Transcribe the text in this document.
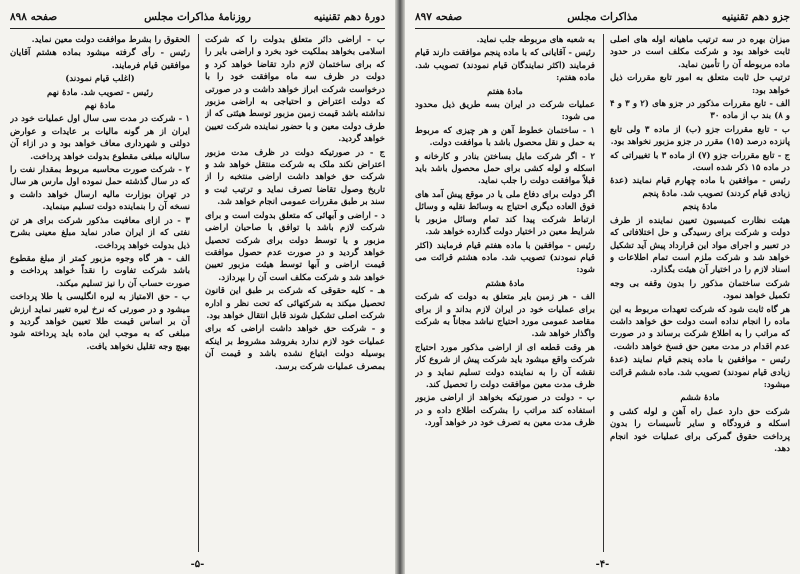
دورهٔ دهم تقنینیه
روزنامهٔ مذاکرات مجلس
صفحه ۸۹۸

ب - اراضی دائر متعلق بدولت را که شرکت اسلامی بخواهد بملکیت خود بخرد و اراضی بایر را که برای ساختمان لازم دارد تقاضا خواهد کرد و دولت در ظرف سه ماه موافقت خود را با درخواست شرکت ابراز خواهد داشت و در صورتی که دولت اعتراض و احتیاجی به اراضی مزبور نداشته باشد قیمت زمین مزبور توسط هیئتی که از طرف دولت معین و با حضور نماینده شرکت تعیین خواهد گردید.

ج - در صورتیکه دولت در ظرف مدت مزبور اعتراض نکند ملک به شرکت منتقل خواهد شد و شرکت حق خواهد داشت اراضی منتخبه را از تاریخ وصول تقاضا تصرف نماید و ترتیب ثبت و سند بر طبق مقررات عمومی انجام خواهد شد.

د - اراضی و آبهائی که متعلق بدولت است و برای شرکت لازم باشد با توافق با صاحبان اراضی مزبور و یا توسط دولت برای شرکت تحصیل خواهد گردید و در صورت عدم حصول موافقت قیمت اراضی و آبها توسط هیئت مزبور تعیین خواهد شد و شرکت مکلف است آن را بپردازد.

هـ - کلیه حقوقی که شرکت بر طبق این قانون تحصیل میکند به شرکتهائی که تحت نظر و اداره شرکت اصلی تشکیل شوند قابل انتقال خواهد بود.

و - شرکت حق خواهد داشت اراضی که برای عملیات خود لازم ندارد بفروشد مشروط بر اینکه بوسیله دولت ابتیاع نشده باشد و قیمت آن بمصرف عملیات شرکت برسد.

الحقوق را بشرط موافقت دولت معین نماید.

رئیس - رأی گرفته میشود بماده هشتم آقایان موافقین قیام فرمایند.

(اغلب قیام نمودند)

رئیس - تصویب شد. مادهٔ نهم

مادهٔ نهم

۱ - شرکت در مدت سی سال اول عملیات خود در ایران از هر گونه مالیات بر عایدات و عوارض دولتی و شهرداری معاف خواهد بود و در ازاء آن سالیانه مبلغی مقطوع بدولت خواهد پرداخت.

۲ - شرکت صورت محاسبه مربوط بمقدار نفت را که در سال گذشته حمل نموده اول مارس هر سال در تهران بوزارت مالیه ارسال خواهد داشت و نسخه آن را بنماینده دولت تسلیم مینماید.

۳ - در ازای معافیت مذکور شرکت برای هر تن نفتی که از ایران صادر نماید مبلغ معینی بشرح ذیل بدولت خواهد پرداخت.

الف - هر گاه وجوه مزبور کمتر از مبلغ مقطوع باشد شرکت تفاوت را نقداً خواهد پرداخت و صورت حساب آن را نیز تسلیم میکند.

ب - حق الامتیاز به لیره انگلیسی یا طلا پرداخت میشود و در صورتی که نرخ لیره تغییر نماید ارزش آن بر اساس قیمت طلا تعیین خواهد گردید و مبلغی که به موجب این ماده باید پرداخته شود بهیچ وجه تقلیل نخواهد یافت.

-۵-
جزو دهم تقنینیه
مذاکرات مجلس
صفحه ۸۹۷

میزان بهره در سه ترتیب ماهیانه اوله های اصلی ثابت خواهد بود و شرکت مکلف است در حدود ماده مربوطه آن را تأمین نماید.

ترتیب حل ثابت متعلق به امور تابع مقررات ذیل خواهد بود:

الف - تابع مقررات مذکور در جزو های (۲ و ۳ و ۴ و ۸) بند ب از ماده ۳۰

ب - تابع مقررات جزو (ب) از ماده ۳ ولی تابع پانزده درصد (۱۵) مقرر در جزو مزبور نخواهد بود.

ج - تابع مقررات جزو (۷) از ماده ۳ با تغییراتی که در ماده ۱۵ ذکر شده است.

رئیس - موافقین با ماده چهارم قیام نمایند (عدهٔ زیادی قیام کردند) تصویب شد. مادهٔ پنجم

مادهٔ پنجم

هیئت نظارت کمیسیون تعیین نماینده از طرف دولت و شرکت برای رسیدگی و حل اختلافاتی که در تعبیر و اجرای مواد این قرارداد پیش آید تشکیل خواهد شد و شرکت ملزم است تمام اطلاعات و اسناد لازم را در اختیار آن هیئت بگذارد.

شرکت ساختمان مذکور را بدون وقفه بی وجه تکمیل خواهد نمود.

هر گاه ثابت شود که شرکت تعهدات مربوط به این ماده را انجام نداده است دولت حق خواهد داشت که مراتب را به اطلاع شرکت برساند و در صورت عدم اقدام در مدت معین حق فسخ خواهد داشت.

رئیس - موافقین با ماده پنجم قیام نمایند (عدهٔ زیادی قیام نمودند) تصویب شد. ماده ششم قرائت میشود:

مادهٔ ششم

شرکت حق دارد عمل راه آهن و لوله کشی و اسکله و فرودگاه و سایر تأسیسات را بدون پرداخت حقوق گمرکی برای عملیات خود انجام دهد.

به شعبه های مربوطه جلب نماید.

رئیس - آقایانی که با ماده پنجم موافقت دارند قیام فرمایند (اکثر نمایندگان قیام نمودند) تصویب شد. ماده هفتم:

مادهٔ هفتم

عملیات شرکت در ایران بسه طریق ذیل محدود می شود:

۱ - ساختمان خطوط آهن و هر چیزی که مربوط به حمل و نقل محصول باشد با موافقت دولت.

۲ - اگر شرکت مایل بساختن بنادر و کارخانه و اسکله و لوله کشی برای حمل محصول باشد باید قبلاً موافقت دولت را جلب نماید.

اگر دولت برای دفاع ملی یا در موقع پیش آمد های فوق العاده دیگری احتیاج به وسائط نقلیه و وسائل ارتباط شرکت پیدا کند تمام وسائل مزبور با شرایط معین در اختیار دولت گذارده خواهد شد.

رئیس - موافقین با ماده هفتم قیام فرمایند (اکثر قیام نمودند) تصویب شد. ماده هشتم قرائت می شود:

مادهٔ هشتم

الف - هر زمین بایر متعلق به دولت که شرکت برای عملیات خود در ایران لازم بداند و از برای مقاصد عمومی مورد احتیاج نباشد مجاناً به شرکت واگذار خواهد شد.

هر وقت قطعه ای از اراضی مذکور مورد احتیاج شرکت واقع میشود باید شرکت پیش از شروع کار نقشه آن را به نماینده دولت تسلیم نماید و در ظرف مدت معین موافقت دولت را تحصیل کند.

ب - دولت در صورتیکه بخواهد از اراضی مزبور استفاده کند مراتب را بشرکت اطلاع داده و در ظرف مدت معین به تصرف خود در خواهد آورد.

-۴-
